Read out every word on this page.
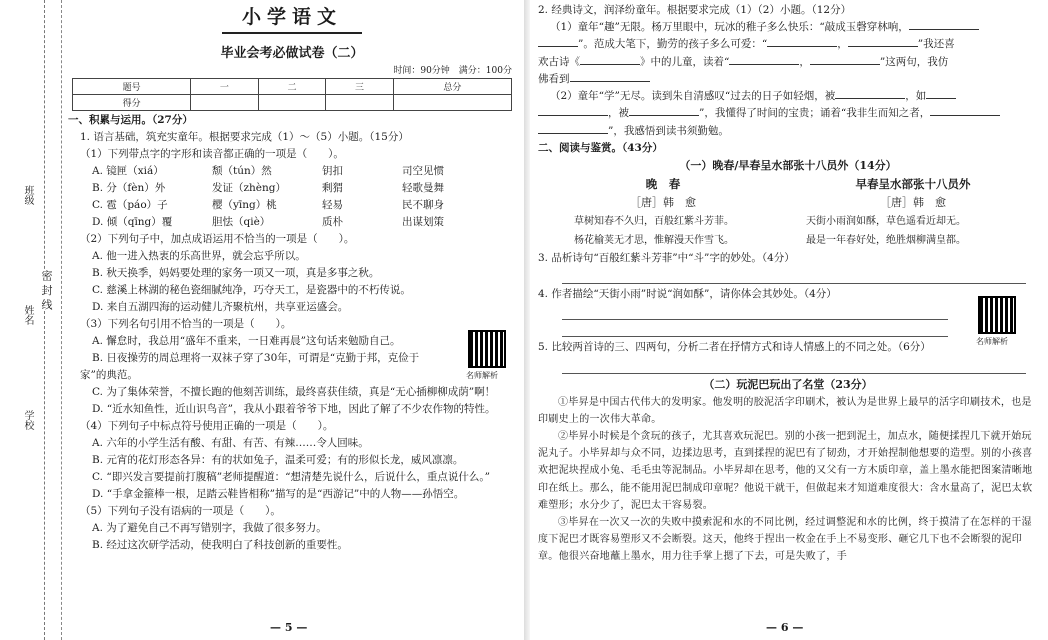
班级
密 封 线
姓名
学校
小学语文
毕业会考必做试卷（二）
时间：90分钟　满分：100分
题号	一	二	三	总分
得分				

一、积累与运用。（27分）

1. 语言基础，筑充实童年。根据要求完成（1）～（5）小题。（15分）

（1）下列带点字的字形和读音都正确的一项是（　　）。

A. 镜匣（xiá）	颓（tún）然	钥扣	司空见惯
B. 分（fèn）外	发证（zhèng）	剩猬	轻歌曼舞
C. 雹（páo）子	樱（yīng）桃	轻易	民不聊身
D. 倾（qīng）覆	胆怯（qiè）	质朴	出谋划策

（2）下列句子中，加点成语运用不恰当的一项是（　　）。

A. 他一进入热衷的乐高世界，就会忘乎所以。

B. 秋天换季，妈妈要处理的家务一项又一项，真是多事之秋。

C. 慈溪上林湖的秘色瓷细腻纯净，巧夺天工，是瓷器中的不朽传说。

D. 来自五湖四海的运动健儿齐聚杭州，共享亚运盛会。

（3）下列名句引用不恰当的一项是（　　）。

A. 懈怠时，我总用“盛年不重来，一日难再晨”这句话来勉励自己。

B. 日夜操劳的周总理将一双袜子穿了30年，可谓是“克勤于邦，克俭于

家”的典范。

C. 为了集体荣誉，不擅长跑的他刻苦训练，最终喜获佳绩，真是“无心插柳柳成荫”啊！

D. “近水知鱼性，近山识鸟音”，我从小跟着爷爷下地，因此了解了不少农作物的特性。

（4）下列句子中标点符号使用正确的一项是（　　）。

A. 六年的小学生活有酸、有甜、有苦、有辣……令人回味。

B. 元宵的花灯形态各异：有的状如兔子，温柔可爱；有的形似长龙，威风凛凛。

C. “即兴发言要提前打腹稿”老师提醒道：“想清楚先说什么，后说什么，重点说什么。”

D. “手拿金箍棒一根，足踏云鞋皆相称”描写的是“西游记”中的人物——孙悟空。

（5）下列句子没有语病的一项是（　　）。

A. 为了避免自己不再写错别字，我做了很多努力。

B. 经过这次研学活动，使我明白了科技创新的重要性。

名师解析
— 5 —

2. 经典诗文，润泽纷童年。根据要求完成（1）（2）小题。（12分）

（1）童年“趣”无限。杨万里眼中，玩冰的稚子多么快乐：“敲成玉磬穿林响，

”。范成大笔下，勤劳的孩子多么可爱：“	，	”我还喜

欢古诗《	》中的儿童，读着“	，	”这两句，我仿

佛看到

（2）童年“学”无尽。读到朱自清感叹“过去的日子如轻烟，被	，如

，被	”，我懂得了时间的宝贵；诵着“我非生而知之者，

”，我感悟到读书须勤勉。

二、阅读与鉴赏。（43分）

（一）晚春/早春呈水部张十八员外（14分）

晚　春	早春呈水部张十八员外
［唐］韩　愈	［唐］韩　愈
草树知春不久归，百般红紫斗芳菲。	天街小雨润如酥，草色遥看近却无。
杨花榆荚无才思，惟解漫天作雪飞。	最是一年春好处，绝胜烟柳满皇都。

3. 品析诗句“百般红紫斗芳菲”中“斗”字的妙处。（4分）

4. 作者描绘“天街小雨”时说“润如酥”，请你体会其妙处。（4分）

5. 比较两首诗的三、四两句，分析二者在抒情方式和诗人情感上的不同之处。（6分）

（二）玩泥巴玩出了名堂（23分）

①毕昇是中国古代伟大的发明家。他发明的胶泥活字印刷术，被认为是世界上最早的活字印刷技术，也是印刷史上的一次伟大革命。

②毕昇小时候是个贪玩的孩子，尤其喜欢玩泥巴。别的小孩一把到泥土，加点水，随便揉捏几下就开始玩泥丸子。小毕昇却与众不同，边揉边思考，直到揉捏的泥巴有了韧劲，才开始捏制他想要的造型。别的小孩喜欢把泥块捏成小兔、毛毛虫等泥制品。小毕昇却在思考，他的又父有一方木质印章，盖上墨水能把图案清晰地印在纸上。那么，能不能用泥巴制成印章呢？他说干就干，但做起来才知道难度很大：含水量高了，泥巴太软难塑形；水分少了，泥巴太干容易裂。

③毕昇在一次又一次的失败中摸索泥和水的不同比例，经过调整泥和水的比例，终于摸清了在怎样的干湿度下泥巴才既容易塑形又不会断裂。这天，他终于捏出一枚金在手上不易变形、砸它几下也不会断裂的泥印章。他很兴奋地蘸上墨水，用力往手掌上摁了下去，可是失败了，手

名师解析
— 6 —
